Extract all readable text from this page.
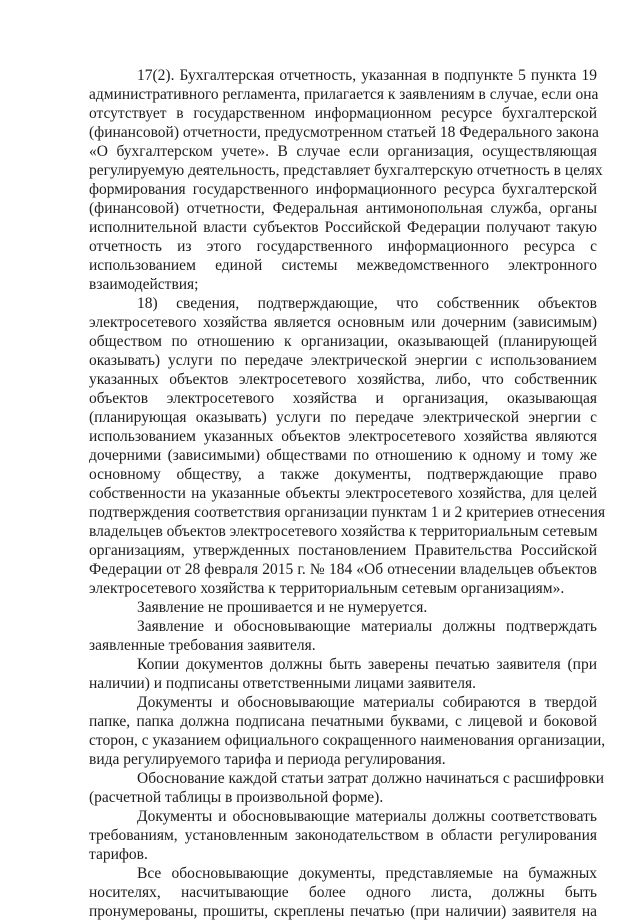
17(2). Бухгалтерская отчетность, указанная в подпункте 5 пункта 19
административного регламента, прилагается к заявлениям в случае, если она
отсутствует в государственном информационном ресурсе бухгалтерской
(финансовой) отчетности, предусмотренном статьей 18 Федерального закона
«О бухгалтерском учете». В случае если организация, осуществляющая
регулируемую деятельность, представляет бухгалтерскую отчетность в целях
формирования государственного информационного ресурса бухгалтерской
(финансовой) отчетности, Федеральная антимонопольная служба, органы
исполнительной власти субъектов Российской Федерации получают такую
отчетность из этого государственного информационного ресурса с
использованием единой системы межведомственного электронного
взаимодействия;
18) сведения, подтверждающие, что собственник объектов
электросетевого хозяйства является основным или дочерним (зависимым)
обществом по отношению к организации, оказывающей (планирующей
оказывать) услуги по передаче электрической энергии с использованием
указанных объектов электросетевого хозяйства, либо, что собственник
объектов электросетевого хозяйства и организация, оказывающая
(планирующая оказывать) услуги по передаче электрической энергии с
использованием указанных объектов электросетевого хозяйства являются
дочерними (зависимыми) обществами по отношению к одному и тому же
основному обществу, а также документы, подтверждающие право
собственности на указанные объекты электросетевого хозяйства, для целей
подтверждения соответствия организации пунктам 1 и 2 критериев отнесения
владельцев объектов электросетевого хозяйства к территориальным сетевым
организациям, утвержденных постановлением Правительства Российской
Федерации от 28 февраля 2015 г. № 184 «Об отнесении владельцев объектов
электросетевого хозяйства к территориальным сетевым организациям».
Заявление не прошивается и не нумеруется.
Заявление и обосновывающие материалы должны подтверждать
заявленные требования заявителя.
Копии документов должны быть заверены печатью заявителя (при
наличии) и подписаны ответственными лицами заявителя.
Документы и обосновывающие материалы собираются в твердой
папке, папка должна подписана печатными буквами, с лицевой и боковой
сторон, с указанием официального сокращенного наименования организации,
вида регулируемого тарифа и периода регулирования.
Обоснование каждой статьи затрат должно начинаться с расшифровки
(расчетной таблицы в произвольной форме).
Документы и обосновывающие материалы должны соответствовать
требованиям, установленным законодательством в области регулирования
тарифов.
Все обосновывающие документы, представляемые на бумажных
носителях, насчитывающие более одного листа, должны быть
пронумерованы, прошиты, скреплены печатью (при наличии) заявителя на
